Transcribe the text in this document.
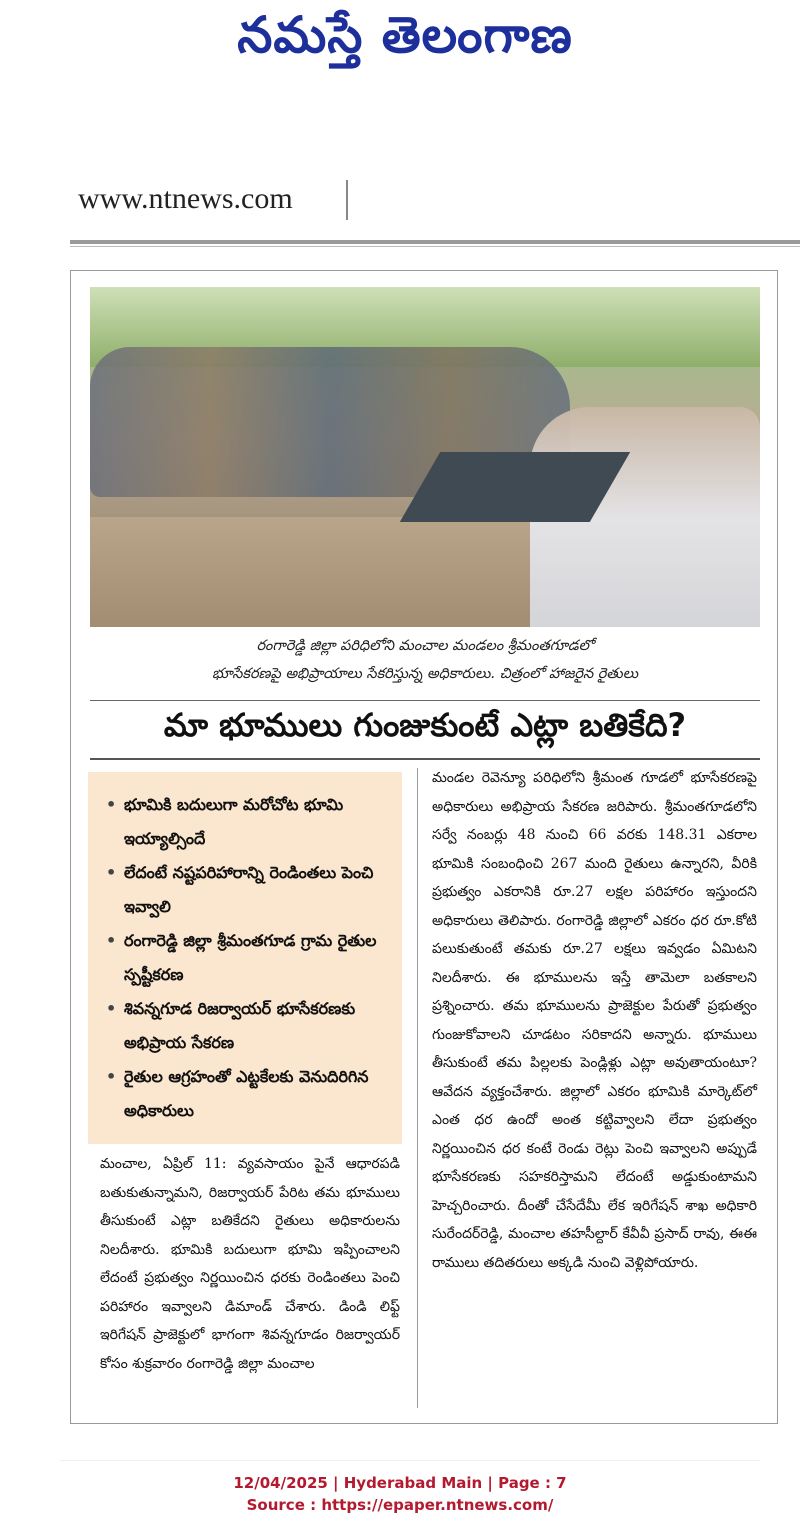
నమస్తే తెలంగాణ
www.ntnews.com
రంగారెడ్డి జిల్లా పరిధిలోని మంచాల మండలం శ్రీమంతగూడలో
భూసేకరణపై అభిప్రాయాలు సేకరిస్తున్న అధికారులు. చిత్రంలో హాజరైన రైతులు
మా భూములు గుంజుకుంటే ఎట్లా బతికేది?
• భూమికి బదులుగా మరోచోట భూమి ఇయ్యాల్సిందే
• లేదంటే నష్టపరిహారాన్ని రెండింతలు పెంచి ఇవ్వాలి
• రంగారెడ్డి జిల్లా శ్రీమంతగూడ గ్రామ రైతుల స్పష్టీకరణ
• శివన్నగూడ రిజర్వాయర్ భూసేకరణకు అభిప్రాయ సేకరణ
• రైతుల ఆగ్రహంతో ఎట్టకేలకు వెనుదిరిగిన అధికారులు
మంచాల, ఏప్రిల్ 11: వ్యవసాయం పైనే ఆధారపడి బతుకుతున్నామని, రిజర్వాయర్ పేరిట తమ భూములు తీసుకుంటే ఎట్లా బతికేదని రైతులు అధికారులను నిలదీశారు. భూమికి బదులుగా భూమి ఇప్పించాలని లేదంటే ప్రభుత్వం నిర్ణయించిన ధరకు రెండింతలు పెంచి పరిహారం ఇవ్వాలని డిమాండ్ చేశారు. డిండి లిఫ్ట్ ఇరిగేషన్ ప్రాజెక్టులో భాగంగా శివన్నగూడం రిజర్వాయర్ కోసం శుక్రవారం రంగారెడ్డి జిల్లా మంచాల
మండల రెవెన్యూ పరిధిలోని శ్రీమంత గూడలో భూసేకరణపై అధికారులు అభిప్రాయ సేకరణ జరిపారు. శ్రీమంతగూడలోని సర్వే నంబర్లు 48 నుంచి 66 వరకు 148.31 ఎకరాల భూమికి సంబంధించి 267 మంది రైతులు ఉన్నారని, వీరికి ప్రభుత్వం ఎకరానికి రూ.27 లక్షల పరిహారం ఇస్తుందని అధికారులు తెలిపారు. రంగారెడ్డి జిల్లాలో ఎకరం ధర రూ.కోటి పలుకుతుంటే తమకు రూ.27 లక్షలు ఇవ్వడం ఏమిటని నిలదీశారు. ఈ భూములను ఇస్తే తామెలా బతకాలని ప్రశ్నించారు. తమ భూములను ప్రాజెక్టుల పేరుతో ప్రభుత్వం గుంజుకోవాలని చూడటం సరికాదని అన్నారు. భూములు తీసుకుంటే తమ పిల్లలకు పెండ్లిళ్లు ఎట్లా అవుతాయంటూ? ఆవేదన వ్యక్తంచేశారు. జిల్లాలో ఎకరం భూమికి మార్కెట్‌లో ఎంత ధర ఉందో అంత కట్టివ్వాలని లేదా ప్రభుత్వం నిర్ణయించిన ధర కంటే రెండు రెట్లు పెంచి ఇవ్వాలని అప్పుడే భూసేకరణకు సహకరిస్తామని లేదంటే అడ్డుకుంటామని హెచ్చరించారు. దీంతో చేసేదేమీ లేక ఇరిగేషన్ శాఖ అధికారి సురేందర్‌రెడ్డి, మంచాల తహసీల్దార్ కేవీవీ ప్రసాద్ రావు, ఈఈ రాములు తదితరులు అక్కడి నుంచి వెళ్లిపోయారు.
12/04/2025 | Hyderabad Main | Page : 7
Source : https://epaper.ntnews.com/
